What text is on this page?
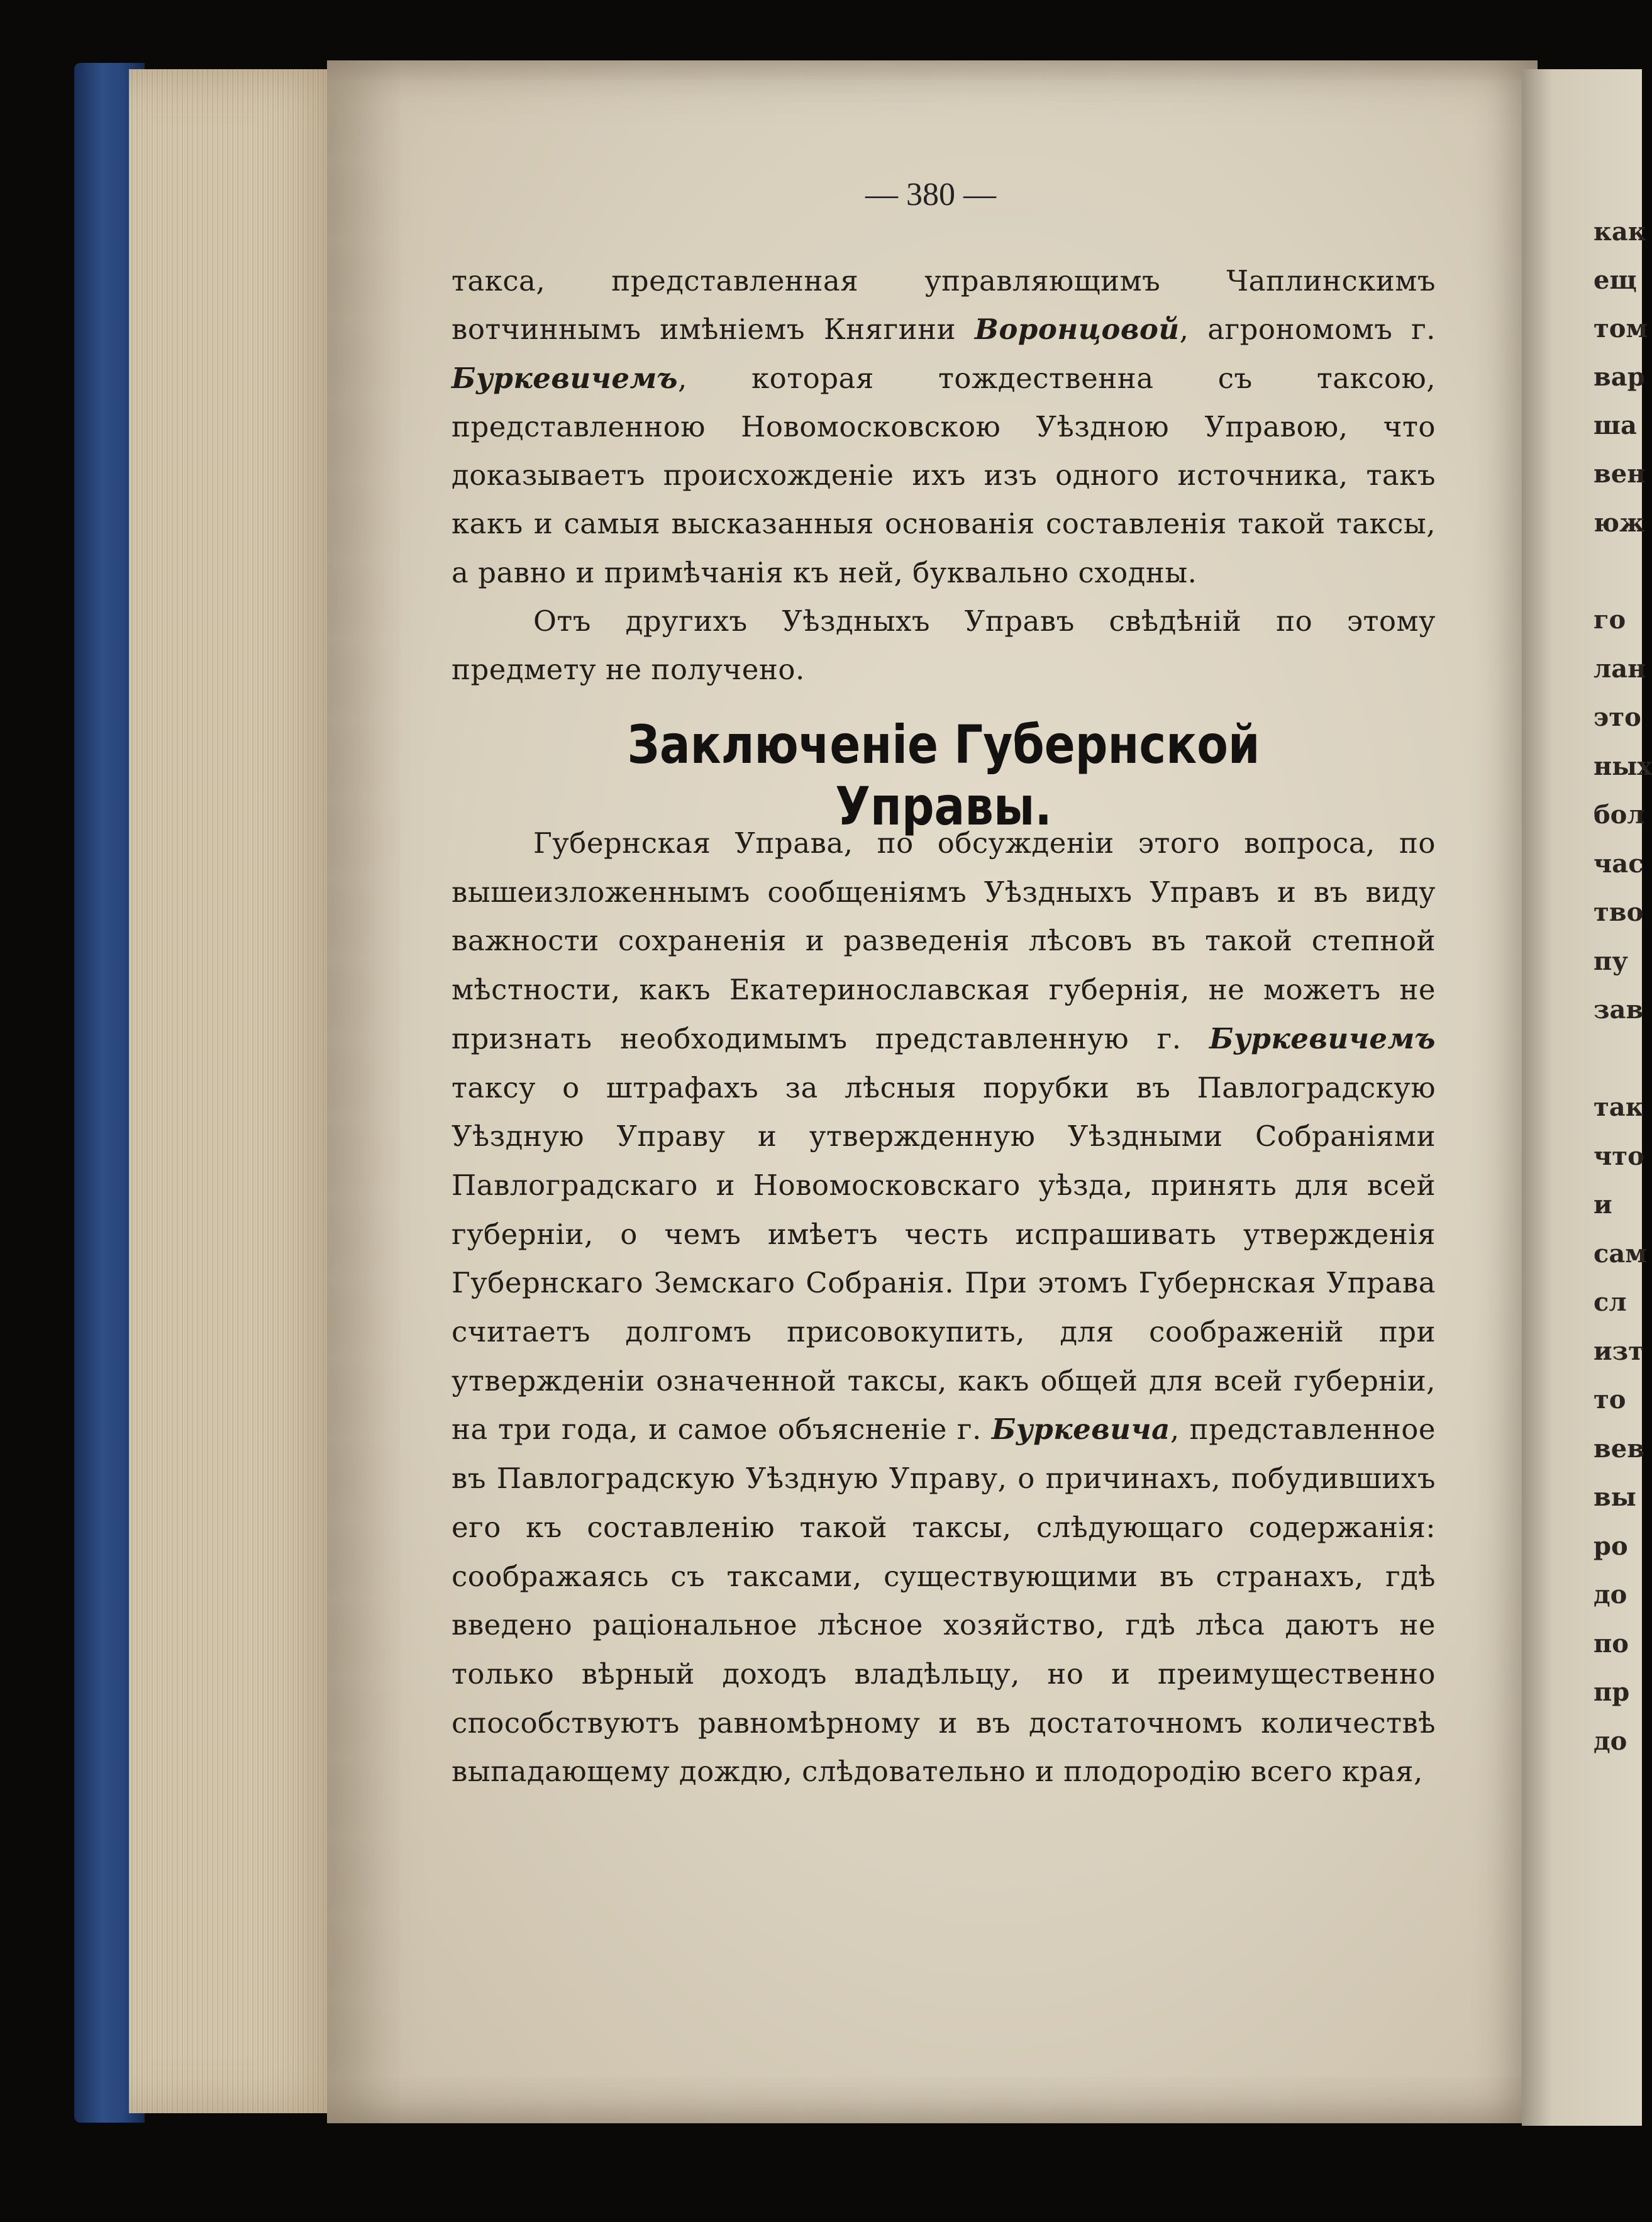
как
ещ
том
вар
ша
вен
юж
го
лан
это
ных
бол
час
тво
пу
зав
так
что
и
сам
сл
изт
то
вев
вы
ро
до
по
пр
до
— 380 —

такса, представленная управляющимъ Чаплинскимъ вотчиннымъ имѣніемъ Княгини Воронцовой, агрономомъ г. Буркевичемъ, которая тождественна съ таксою, представленною Новомосковскою Уѣздною Управою, что доказываетъ происхожденіе ихъ изъ одного источника, такъ какъ и самыя высказанныя основанія составленія такой таксы, а равно и примѣчанія къ ней, буквально сходны.

Отъ другихъ Уѣздныхъ Управъ свѣдѣній по этому предмету не получено.

Заключеніе Губернской Управы.

Губернская Управа, по обсужденіи этого вопроса, по вышеизложеннымъ сообщеніямъ Уѣздныхъ Управъ и въ виду важности сохраненія и разведенія лѣсовъ въ такой степной мѣстности, какъ Екатеринославская губернія, не можетъ не признать необходимымъ представленную г. Буркевичемъ таксу о штрафахъ за лѣсныя порубки въ Павлоградскую Уѣздную Управу и утвержденную Уѣздными Собраніями Павлоградскаго и Новомосковскаго уѣзда, принять для всей губерніи, о чемъ имѣетъ честь испрашивать утвержденія Губернскаго Земскаго Собранія. При этомъ Губернская Управа считаетъ долгомъ присовокупить, для соображеній при утвержденіи означенной таксы, какъ общей для всей губерніи, на три года, и самое объясненіе г. Буркевича, представленное въ Павлоградскую Уѣздную Управу, о причинахъ, побудившихъ его къ составленію такой таксы, слѣдующаго содержанія: соображаясь съ таксами, существующими въ странахъ, гдѣ введено раціональное лѣсное хозяйство, гдѣ лѣса даютъ не только вѣрный доходъ владѣльцу, но и преимущественно способствуютъ равномѣрному и въ достаточномъ количествѣ выпадающему дождю, слѣдовательно и плодородію всего края,
